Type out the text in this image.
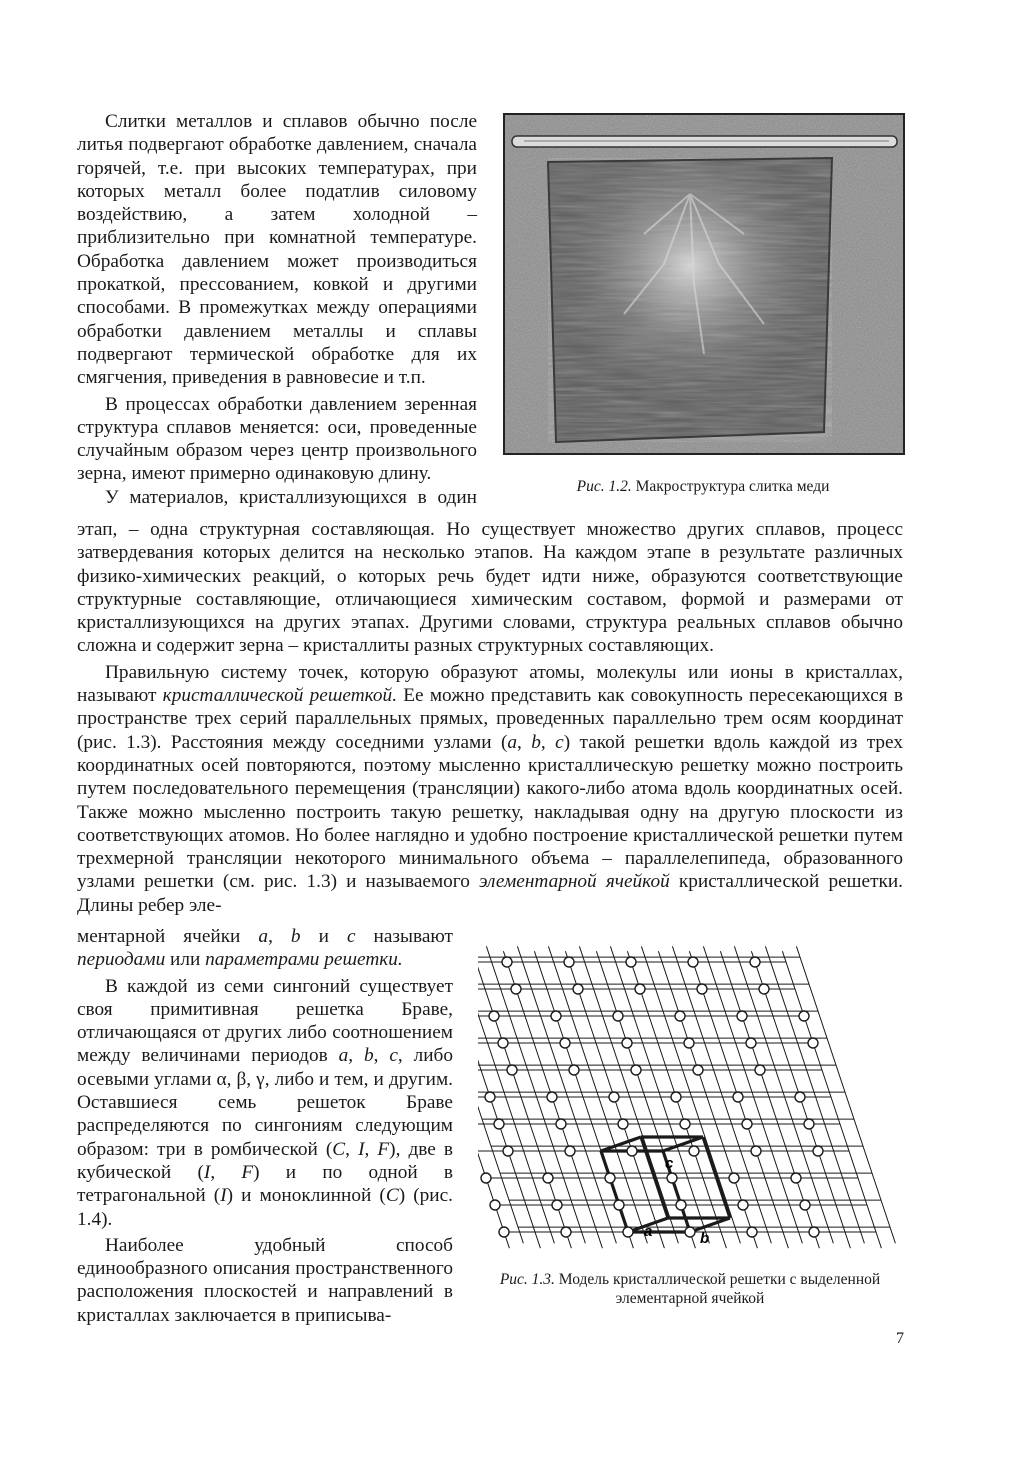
Слитки металлов и сплавов обычно после литья подвергают обработке давлением, сначала горячей, т.е. при высоких температурах, при которых металл более податлив силовому воздействию, а затем холодной – приблизительно при комнатной температуре. Обработка давлением может производиться прокаткой, прессованием, ковкой и другими способами. В промежутках между операциями обработки давлением металлы и сплавы подвергают термической обработке для их смягчения, приведения в равновесие и т.п.

В процессах обработки давлением зеренная структура сплавов меняется: оси, проведенные случайным образом через центр произвольного зерна, имеют примерно одинаковую длину.

У материалов, кристаллизующихся в один
Рис. 1.2. Макроструктура слитка меди

этап, – одна структурная составляющая. Но существует множество других сплавов, процесс затвердевания которых делится на несколько этапов. На каждом этапе в результате различных физико-химических реакций, о которых речь будет идти ниже, образуются соответствующие структурные составляющие, отличающиеся химическим составом, формой и размерами от кристаллизующихся на других этапах. Другими словами, структура реальных сплавов обычно сложна и содержит зерна – кристаллиты разных структурных составляющих.

Правильную систему точек, которую образуют атомы, молекулы или ионы в кристаллах, называют кристаллической решеткой. Ее можно представить как совокупность пересекающихся в пространстве трех серий параллельных прямых, проведенных параллельно трем осям координат (рис. 1.3). Расстояния между соседними узлами (a, b, c) такой решетки вдоль каждой из трех координатных осей повторяются, поэтому мысленно кристаллическую решетку можно построить путем последовательного перемещения (трансляции) какого-либо атома вдоль координатных осей. Также можно мысленно построить такую решетку, накладывая одну на другую плоскости из соответствующих атомов. Но более наглядно и удобно построение кристаллической решетки путем трехмерной трансляции некоторого минимального объема – параллелепипеда, образованного узлами решетки (см. рис. 1.3) и называемого элементарной ячейкой кристаллической решетки. Длины ребер эле-

ментарной ячейки a, b и c называют периодами или параметрами решетки.

В каждой из семи сингоний существует своя примитивная решетка Браве, отличающаяся от других либо соотношением между величинами периодов a, b, c, либо осевыми углами α, β, γ, либо и тем, и другим. Оставшиеся семь решеток Браве распределяются по сингониям следующим образом: три в ромбической (C, I, F), две в кубической (I, F) и по одной в тетрагональной (I) и моноклинной (C) (рис. 1.4).

Наиболее удобный способ единообразного описания пространственного расположения плоскостей и направлений в кристаллах заключается в приписыва-

a	b
c
Рис. 1.3. Модель кристаллической решетки с выделенной элементарной ячейкой
7
